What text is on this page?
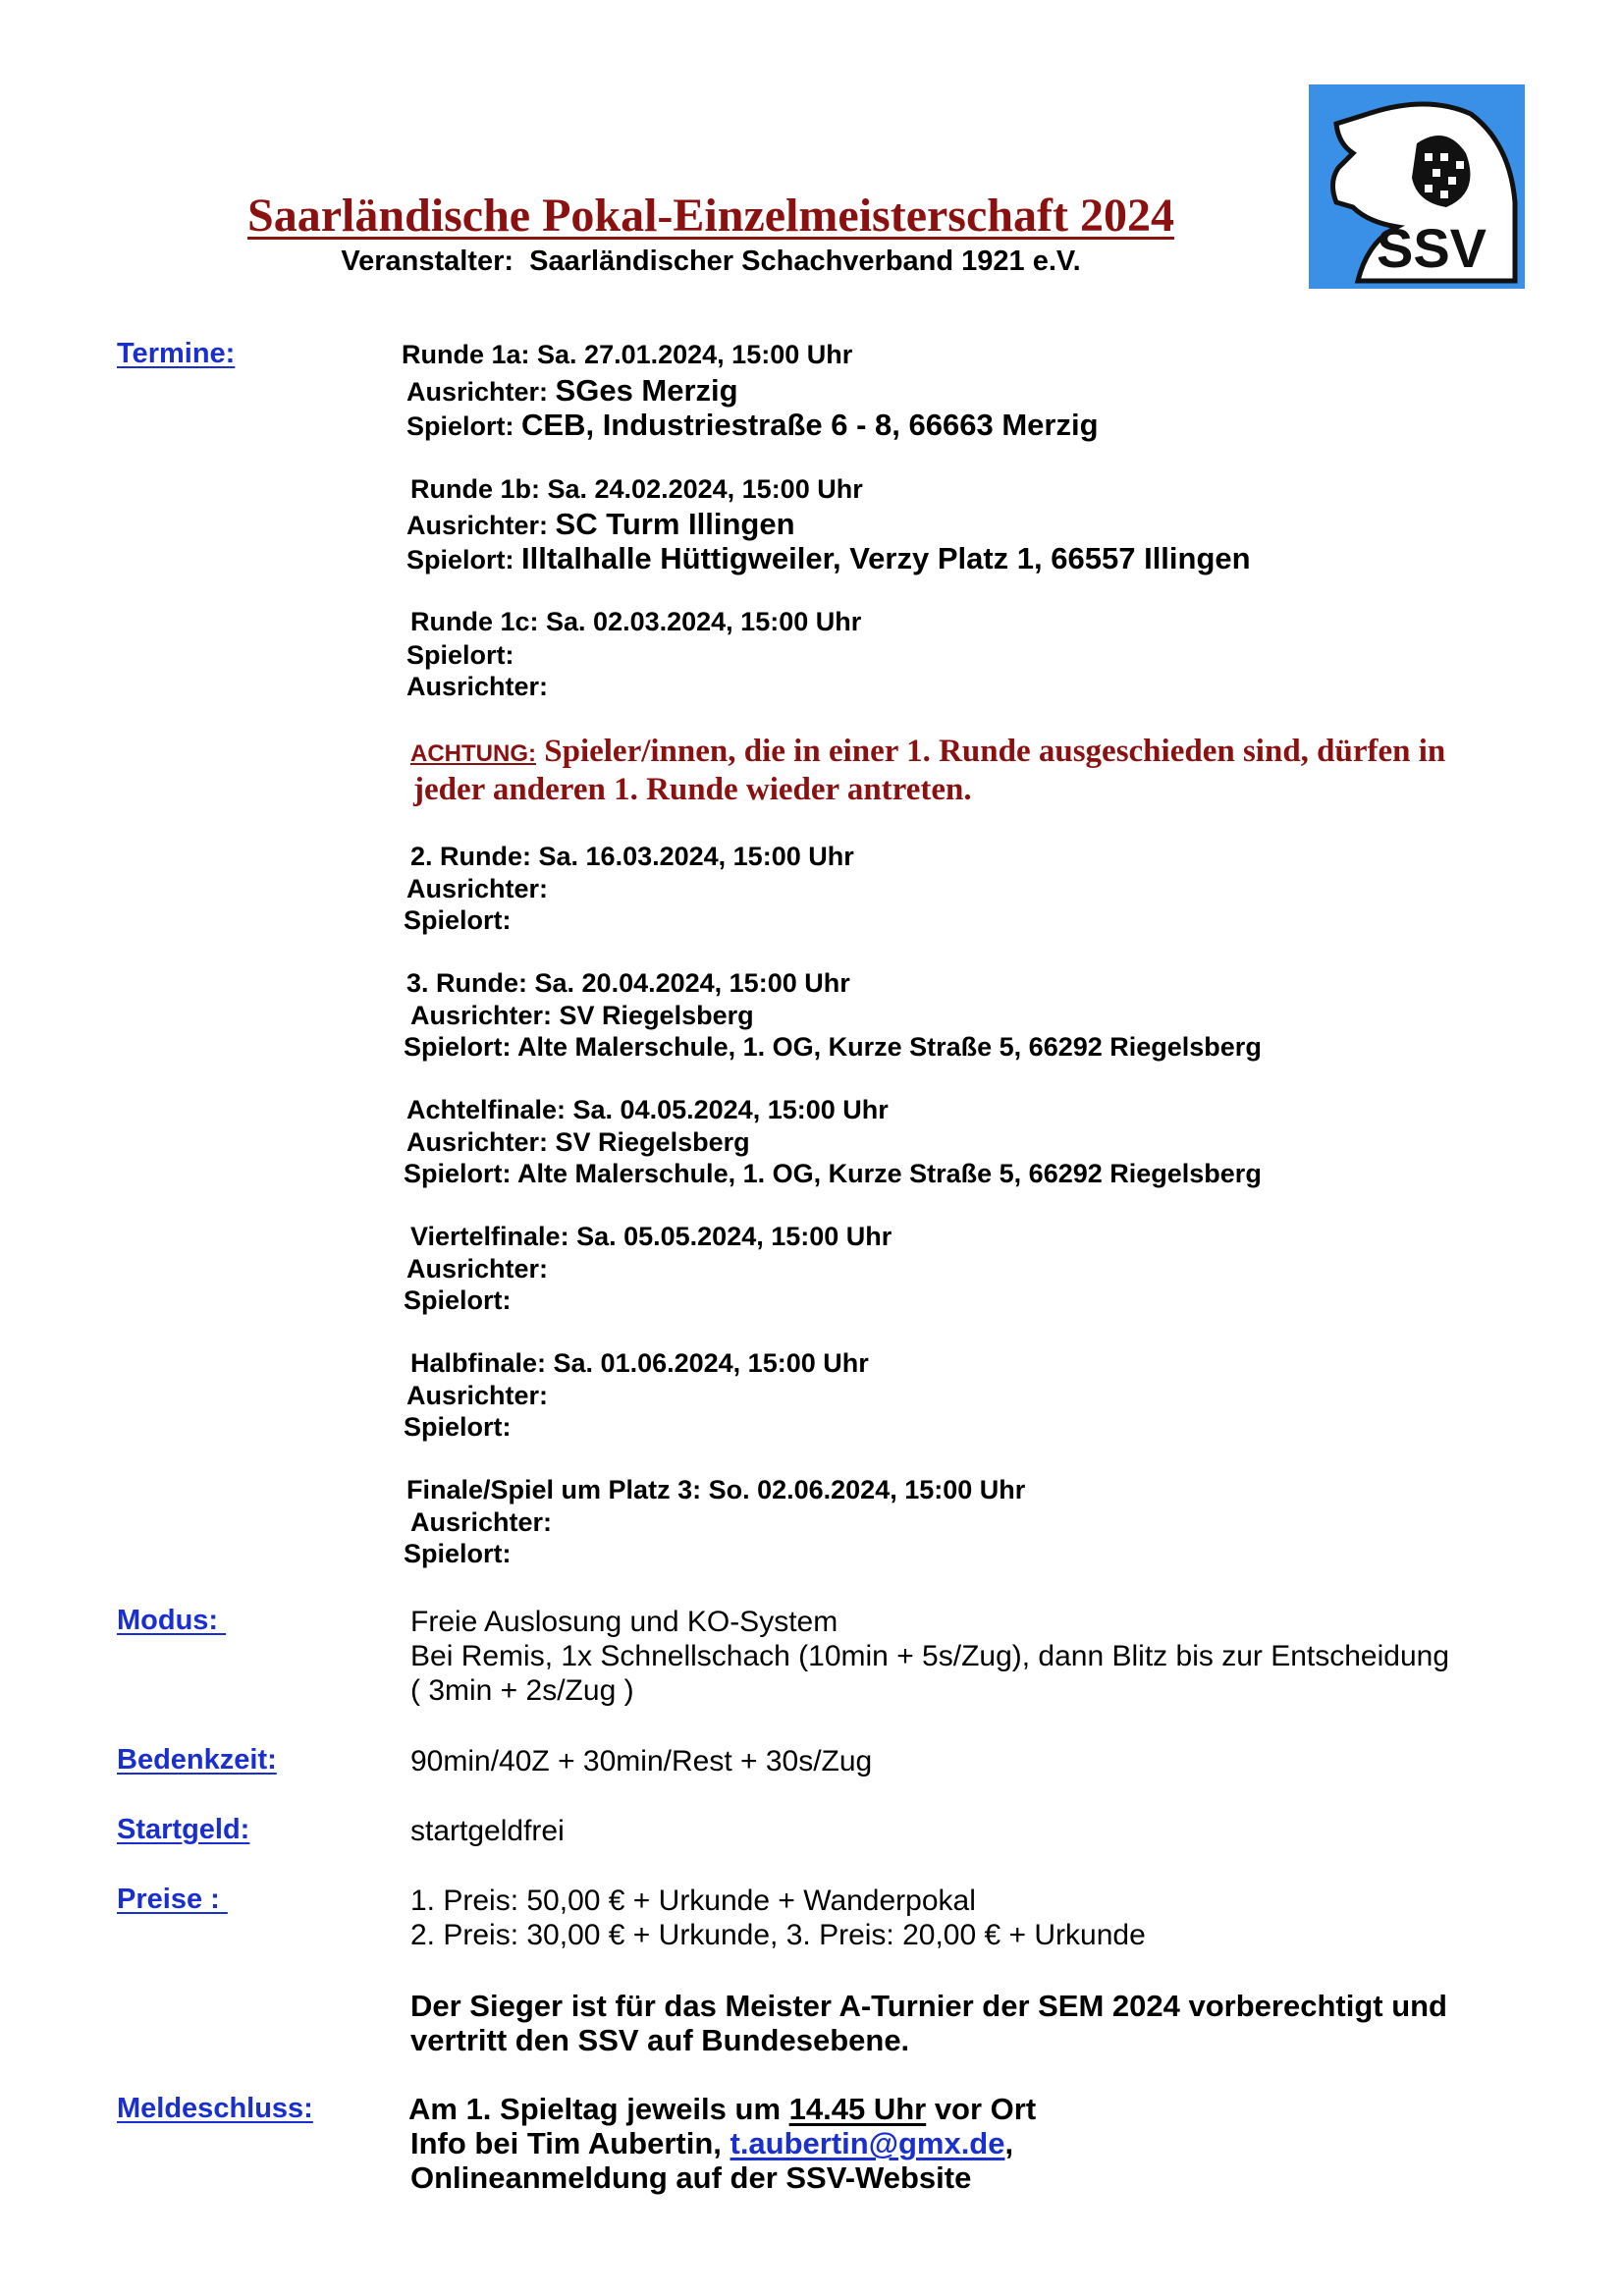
Saarländische Pokal-Einzelmeisterschaft 2024
Veranstalter:  Saarländischer Schachverband 1921 e.V.	SSV
Termine:	Runde 1a: Sa. 27.01.2024, 15:00 Uhr
Ausrichter: SGes Merzig
Spielort: CEB, Industriestraße 6 - 8, 66663 Merzig
Runde 1b: Sa. 24.02.2024, 15:00 Uhr
Ausrichter: SC Turm Illingen
Spielort: Illtalhalle Hüttigweiler, Verzy Platz 1, 66557 Illingen
Runde 1c: Sa. 02.03.2024, 15:00 Uhr
Spielort:
Ausrichter:
ACHTUNG: Spieler/innen, die in einer 1. Runde ausgeschieden sind, dürfen in
jeder anderen 1. Runde wieder antreten.
2. Runde: Sa. 16.03.2024, 15:00 Uhr
Ausrichter:
Spielort:
3. Runde: Sa. 20.04.2024, 15:00 Uhr
Ausrichter: SV Riegelsberg
Spielort: Alte Malerschule, 1. OG, Kurze Straße 5, 66292 Riegelsberg
Achtelfinale: Sa. 04.05.2024, 15:00 Uhr
Ausrichter: SV Riegelsberg
Spielort: Alte Malerschule, 1. OG, Kurze Straße 5, 66292 Riegelsberg
Viertelfinale: Sa. 05.05.2024, 15:00 Uhr
Ausrichter:
Spielort:
Halbfinale: Sa. 01.06.2024, 15:00 Uhr
Ausrichter:
Spielort:
Finale/Spiel um Platz 3: So. 02.06.2024, 15:00 Uhr
Ausrichter:
Spielort:
Modus:	Freie Auslosung und KO-System
Bei Remis, 1x Schnellschach (10min + 5s/Zug), dann Blitz bis zur Entscheidung
( 3min + 2s/Zug )
Bedenkzeit:	90min/40Z + 30min/Rest + 30s/Zug
Startgeld:	startgeldfrei
Preise :	1. Preis: 50,00 € + Urkunde + Wanderpokal
2. Preis: 30,00 € + Urkunde, 3. Preis: 20,00 € + Urkunde
Der Sieger ist für das Meister A-Turnier der SEM 2024 vorberechtigt und
vertritt den SSV auf Bundesebene.
Meldeschluss:	Am 1. Spieltag jeweils um 14.45 Uhr vor Ort
Info bei Tim Aubertin, t.aubertin@gmx.de,
Onlineanmeldung auf der SSV-Website
